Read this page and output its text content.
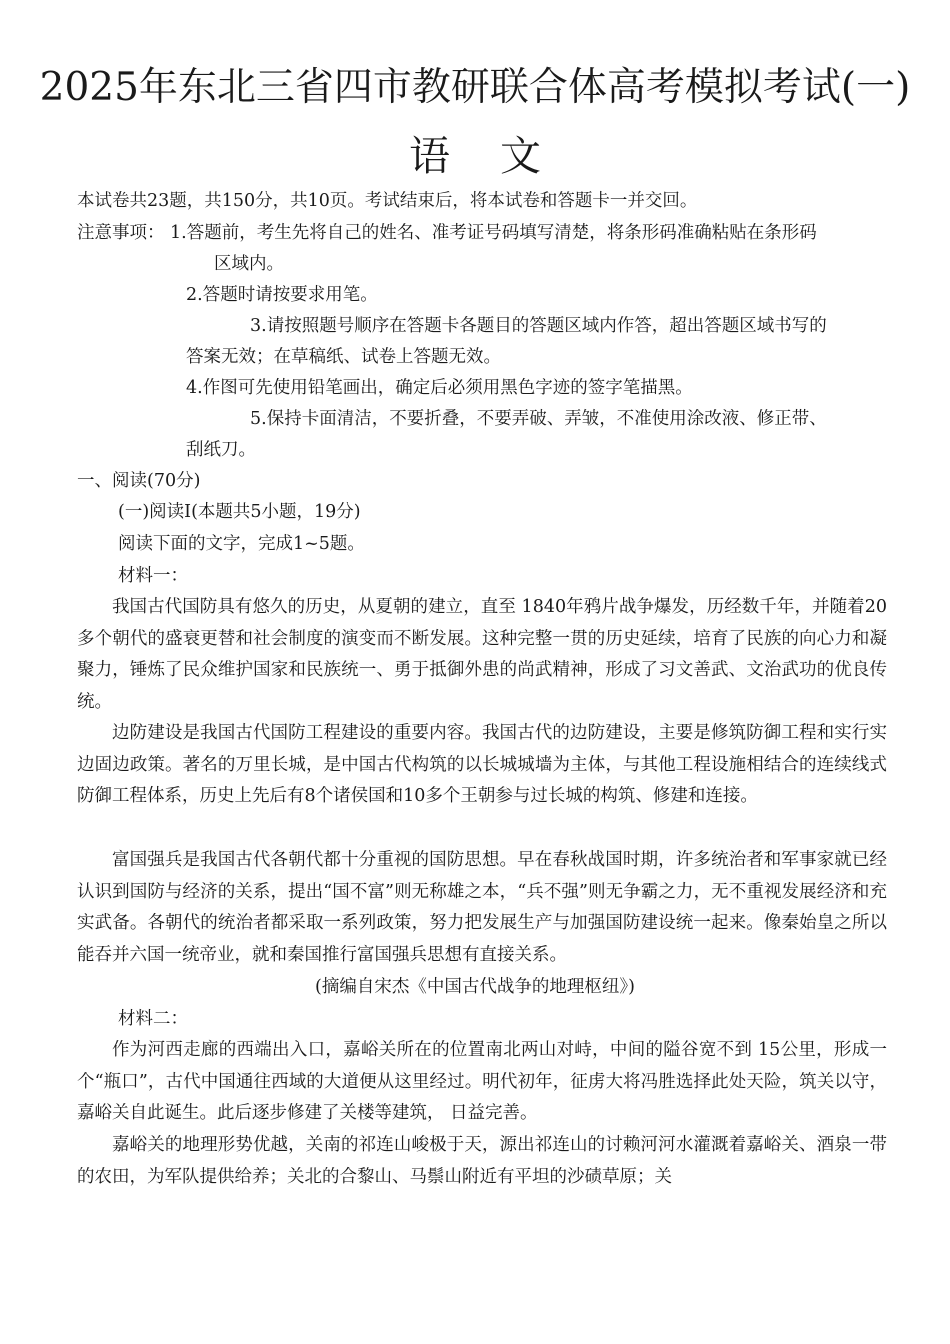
2025年东北三省四市教研联合体高考模拟考试(一)
语 文
本试卷共23题，共150分，共10页。考试结束后，将本试卷和答题卡一并交回。
注意事项： 1.答题前，考生先将自己的姓名、准考证号码填写清楚，将条形码准确粘贴在条形码
区域内。
2.答题时请按要求用笔。
3.请按照题号顺序在答题卡各题目的答题区域内作答，超出答题区域书写的
答案无效；在草稿纸、试卷上答题无效。
4.作图可先使用铅笔画出，确定后必须用黑色字迹的签字笔描黑。
5.保持卡面清洁，不要折叠，不要弄破、弄皱，不准使用涂改液、修正带、
刮纸刀。
一、阅读(70分)
(一)阅读Ⅰ(本题共5小题，19分)
阅读下面的文字，完成1~5题。
材料一：
我国古代国防具有悠久的历史，从夏朝的建立，直至 1840年鸦片战争爆发，历经数千年，并随着20多个朝代的盛衰更替和社会制度的演变而不断发展。这种完整一贯的历史延续，培育了民族的向心力和凝聚力，锤炼了民众维护国家和民族统一、勇于抵御外患的尚武精神，形成了习文善武、文治武功的优良传统。
边防建设是我国古代国防工程建设的重要内容。我国古代的边防建设，主要是修筑防御工程和实行实边固边政策。著名的万里长城，是中国古代构筑的以长城城墙为主体，与其他工程设施相结合的连续线式防御工程体系，历史上先后有8个诸侯国和10多个王朝参与过长城的构筑、修建和连接。
富国强兵是我国古代各朝代都十分重视的国防思想。早在春秋战国时期，许多统治者和军事家就已经认识到国防与经济的关系，提出“国不富”则无称雄之本，“兵不强”则无争霸之力，无不重视发展经济和充实武备。各朝代的统治者都采取一系列政策，努力把发展生产与加强国防建设统一起来。像秦始皇之所以能吞并六国一统帝业，就和秦国推行富国强兵思想有直接关系。
(摘编自宋杰《中国古代战争的地理枢纽》)
材料二：
作为河西走廊的西端出入口，嘉峪关所在的位置南北两山对峙，中间的隘谷宽不到 15公里，形成一个“瓶口”，古代中国通往西域的大道便从这里经过。明代初年，征虏大将冯胜选择此处天险，筑关以守，嘉峪关自此诞生。此后逐步修建了关楼等建筑， 日益完善。
嘉峪关的地理形势优越，关南的祁连山峻极于天，源出祁连山的讨赖河河水灌溉着嘉峪关、酒泉一带的农田，为军队提供给养；关北的合黎山、马鬃山附近有平坦的沙碛草原；关
